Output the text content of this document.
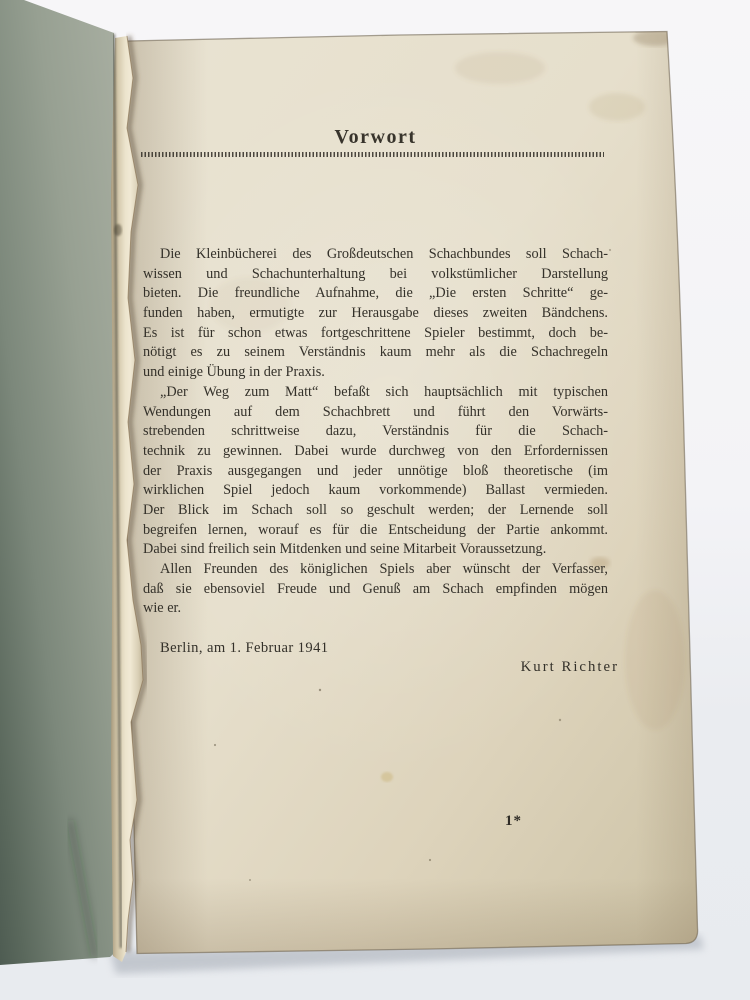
Vorwort
Die Kleinbücherei des Großdeutschen Schachbundes soll Schach-
wissen und Schachunterhaltung bei volkstümlicher Darstellung
bieten. Die freundliche Aufnahme, die „Die ersten Schritte“ ge-
funden haben, ermutigte zur Herausgabe dieses zweiten Bändchens.
Es ist für schon etwas fortgeschrittene Spieler bestimmt, doch be-
nötigt es zu seinem Verständnis kaum mehr als die Schachregeln
und einige Übung in der Praxis.
„Der Weg zum Matt“ befaßt sich hauptsächlich mit typischen
Wendungen auf dem Schachbrett und führt den Vorwärts-
strebenden schrittweise dazu, Verständnis für die Schach-
technik zu gewinnen. Dabei wurde durchweg von den Erfordernissen
der Praxis ausgegangen und jeder unnötige bloß theoretische (im
wirklichen Spiel jedoch kaum vorkommende) Ballast vermieden.
Der Blick im Schach soll so geschult werden; der Lernende soll
begreifen lernen, worauf es für die Entscheidung der Partie ankommt.
Dabei sind freilich sein Mitdenken und seine Mitarbeit Voraussetzung.
Allen Freunden des königlichen Spiels aber wünscht der Verfasser,
daß sie ebensoviel Freude und Genuß am Schach empfinden mögen
wie er.
Berlin, am 1. Februar 1941
Kurt Richter
1*
